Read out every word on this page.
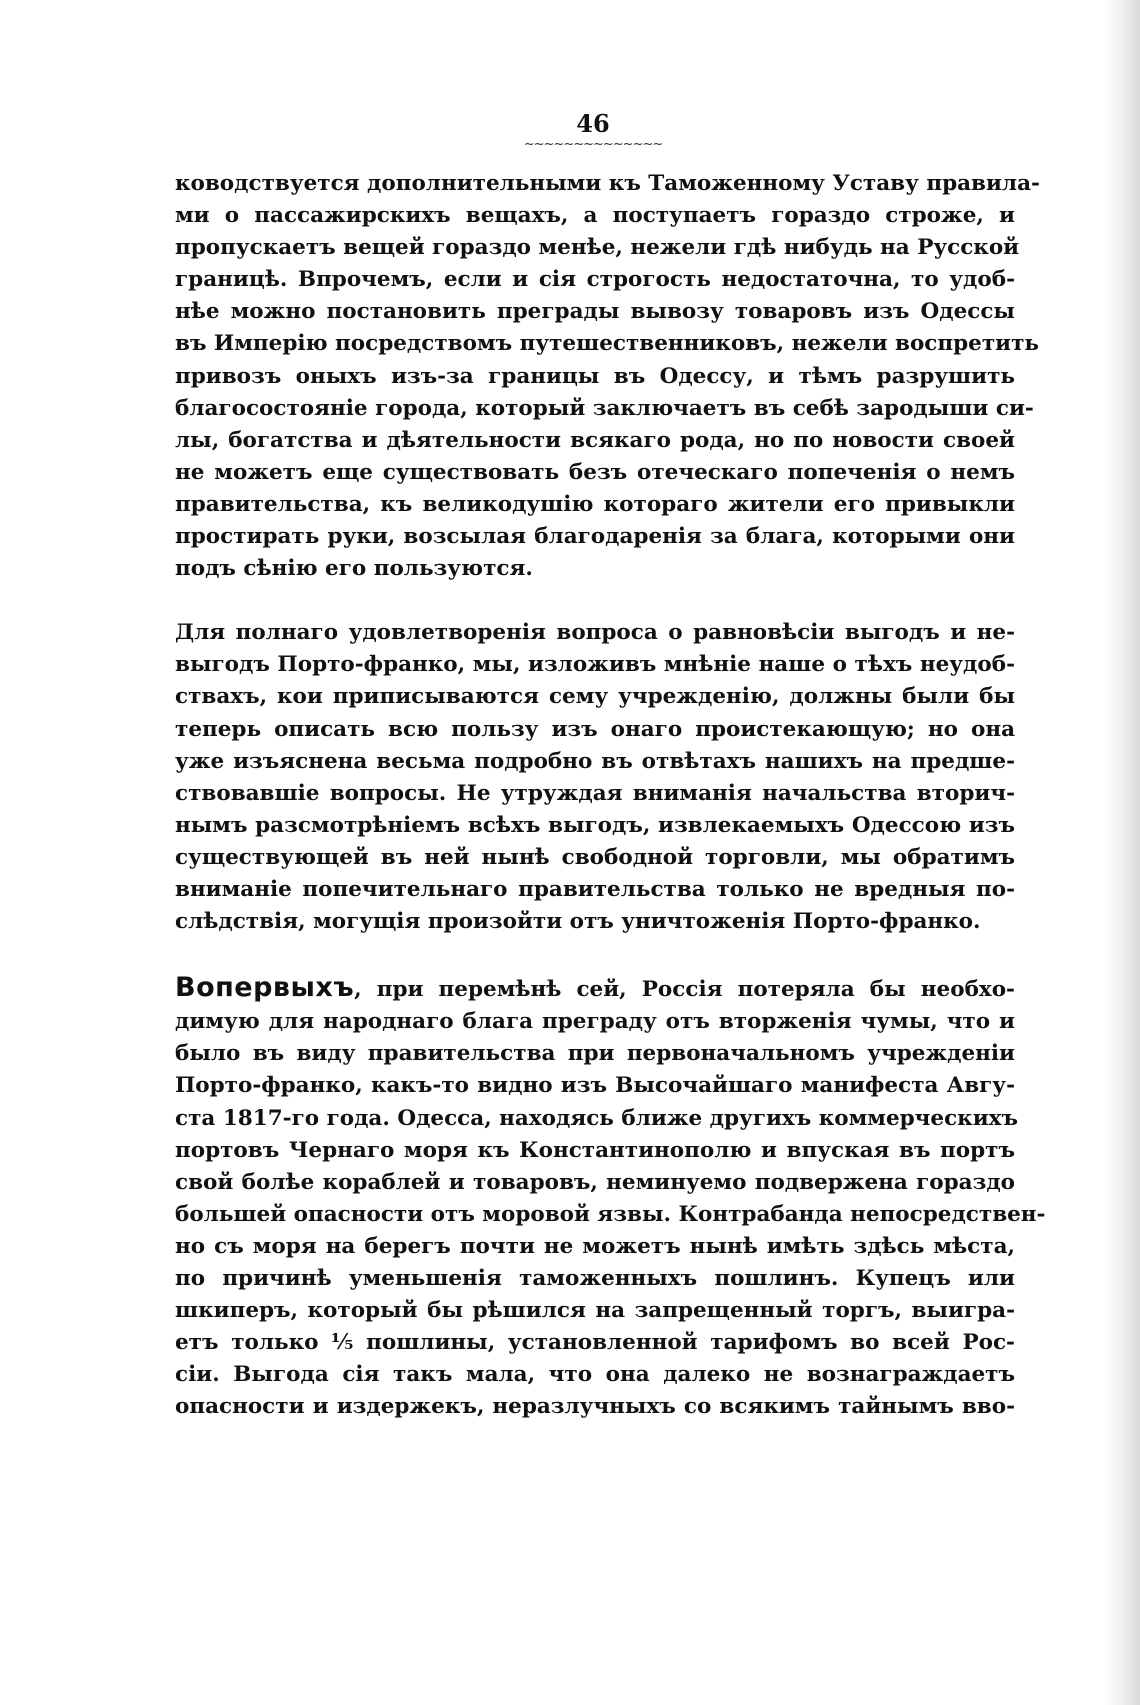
46
~~~~~~~~~~~~~~

ководствуется дополнительными къ Таможенному Уставу правила-
ми о пассажирскихъ вещахъ, а поступаетъ гораздо строже, и
пропускаетъ вещей гораздо менѣе, нежели гдѣ нибудь на Русской
границѣ. Впрочемъ, если и сія строгость недостаточна, то удоб-
нѣе можно постановить преграды вывозу товаровъ изъ Одессы
въ Имперію посредствомъ путешественниковъ, нежели воспретить
привозъ оныхъ изъ-за границы въ Одессу, и тѣмъ разрушить
благосостояніе города, который заключаетъ въ себѣ зародыши си-
лы, богатства и дѣятельности всякаго рода, но по новости своей
не можетъ еще существовать безъ отеческаго попеченія о немъ
правительства, къ великодушію котораго жители его привыкли
простирать руки, возсылая благодаренія за блага, которыми они
подъ сѣнію его пользуются.

Для полнаго удовлетворенія вопроса о равновѣсіи выгодъ и не-
выгодъ Порто-франко, мы, изложивъ мнѣніе наше о тѣхъ неудоб-
ствахъ, кои приписываются сему учрежденію, должны были бы
теперь описать всю пользу изъ онаго проистекающую; но она
уже изъяснена весьма подробно въ отвѣтахъ нашихъ на предше-
ствовавшіе вопросы. Не утруждая вниманія начальства вторич-
нымъ разсмотрѣніемъ всѣхъ выгодъ, извлекаемыхъ Одессою изъ
существующей въ ней нынѣ свободной торговли, мы обратимъ
вниманіе попечительнаго правительства только не вредныя по-
слѣдствія, могущія произойти отъ уничтоженія Порто-франко.

Вопервыхъ, при перемѣнѣ сей, Россія потеряла бы необхо-
димую для народнаго блага преграду отъ вторженія чумы, что и
было въ виду правительства при первоначальномъ учрежденіи
Порто-франко, какъ-то видно изъ Высочайшаго манифеста Авгу-
ста 1817-го года. Одесса, находясь ближе другихъ коммерческихъ
портовъ Чернаго моря къ Константинополю и впуская въ портъ
свой болѣе кораблей и товаровъ, неминуемо подвержена гораздо
большей опасности отъ моровой язвы. Контрабанда непосредствен-
но съ моря на берегъ почти не можетъ нынѣ имѣть здѣсь мѣста,
по причинѣ уменьшенія таможенныхъ пошлинъ. Купецъ или
шкиперъ, который бы рѣшился на запрещенный торгъ, выигра-
етъ только ⅕ пошлины, установленной тарифомъ во всей Рос-
сіи. Выгода сія такъ мала, что она далеко не вознаграждаетъ
опасности и издержекъ, неразлучныхъ со всякимъ тайнымъ вво-
